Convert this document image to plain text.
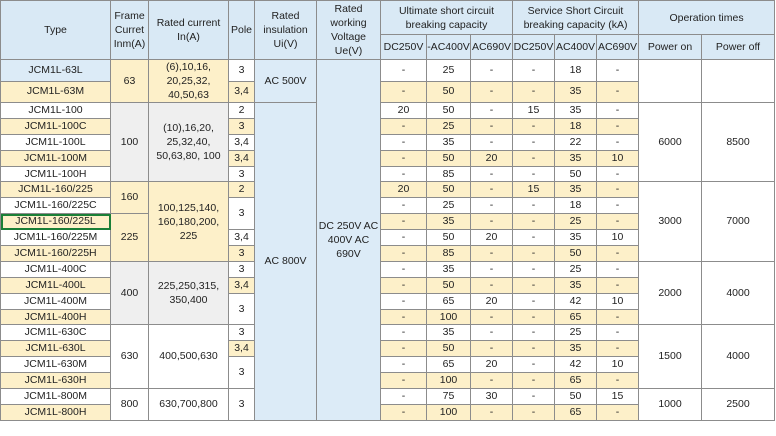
Type	Frame Curret Inm(A)	Rated current In(A)	Pole	Rated insulation Ui(V)	Rated working Voltage Ue(V)	Ultimate short circuit breaking capacity			Service Short Circuit breaking capacity (kA)			Operation times	
						DC250V	-AC400V	AC690V	DC250V	AC400V	AC690V	Power on	Power off
JCM1L-63L	63	(6),10,16, 20,25,32, 40,50,63	3	AC 500V	DC 250V AC 400V AC 690V	-	25	-	-	18	-		
JCM1L-63M			3,4			-	50	-	-	35	-		
JCM1L-100	100	(10),16,20, 25,32,40, 50,63,80, 100	2	AC 800V		20	50	-	15	35	-	6000	8500
JCM1L-100C			3			-	25	-	-	18	-		
JCM1L-100L			3,4			-	35	-	-	22	-		
JCM1L-100M			3,4			-	50	20	-	35	10		
JCM1L-100H			3			-	85	-	-	50	-		
JCM1L-160/225	160	100,125,140, 160,180,200, 225	2			20	50	-	15	35	-	3000	7000
JCM1L-160/225C			3			-	25	-	-	18	-		
JCM1L-160/225L	225					-	35	-	-	25	-		
JCM1L-160/225M			3,4			-	50	20	-	35	10		
JCM1L-160/225H			3			-	85	-	-	50	-		
JCM1L-400C	400	225,250,315, 350,400	3			-	35	-	-	25	-	2000	4000
JCM1L-400L			3,4			-	50	-	-	35	-		
JCM1L-400M			3			-	65	20	-	42	10		
JCM1L-400H						-	100	-	-	65	-		
JCM1L-630C	630	400,500,630	3			-	35	-	-	25	-	1500	4000
JCM1L-630L			3,4			-	50	-	-	35	-		
JCM1L-630M			3			-	65	20	-	42	10		
JCM1L-630H						-	100	-	-	65	-		
JCM1L-800M	800	630,700,800	3			-	75	30	-	50	15	1000	2500
JCM1L-800H						-	100	-	-	65	-		
